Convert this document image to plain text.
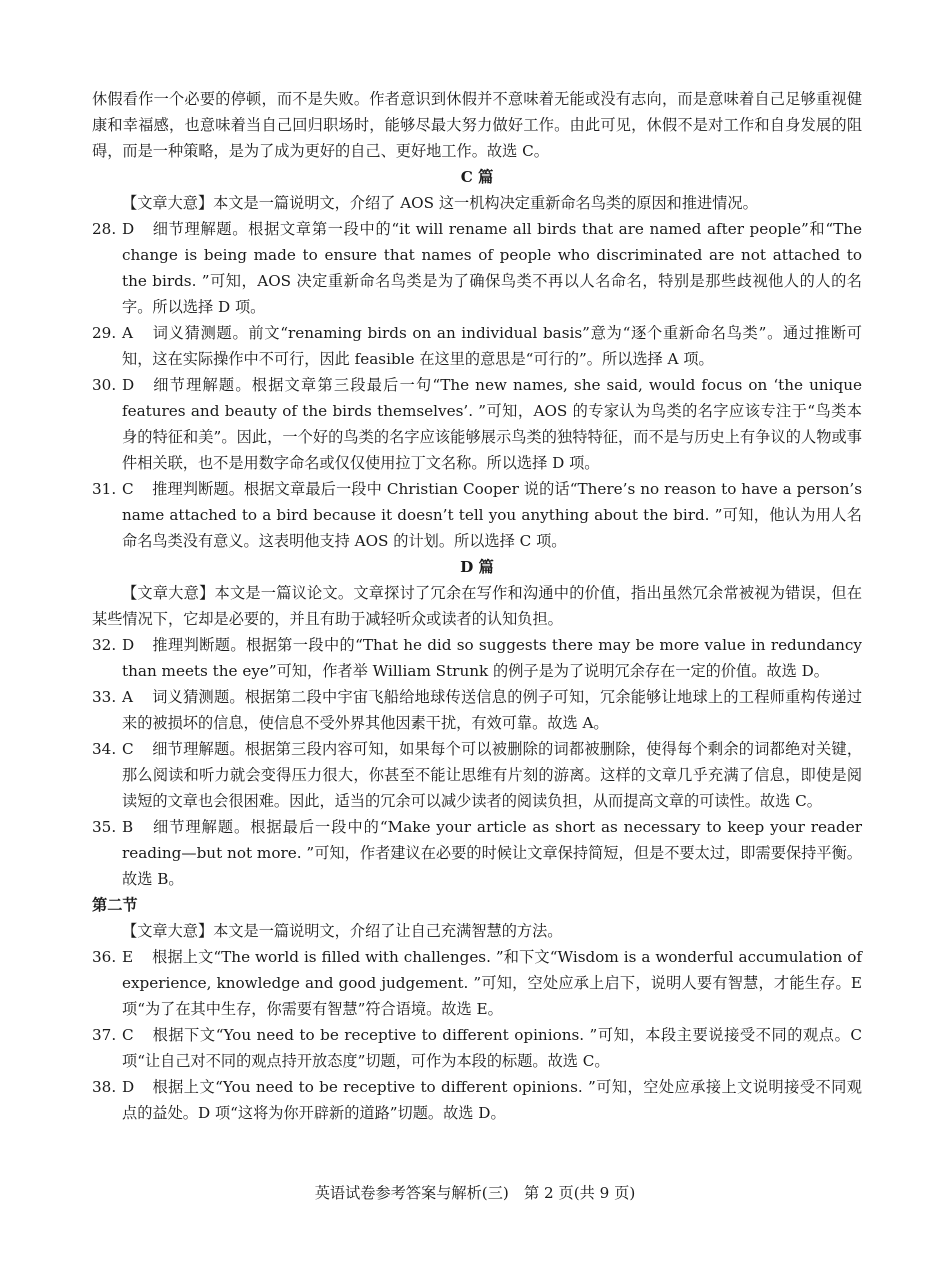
休假看作一个必要的停顿，而不是失败。作者意识到休假并不意味着无能或没有志向，而是意味着自己足够重视健康和幸福感，也意味着当自己回归职场时，能够尽最大努力做好工作。由此可见，休假不是对工作和自身发展的阻碍，而是一种策略，是为了成为更好的自己、更好地工作。故选 C。

C 篇

【文章大意】本文是一篇说明文，介绍了 AOS 这一机构决定重新命名鸟类的原因和推进情况。

28. D 细节理解题。根据文章第一段中的“it will rename all birds that are named after people”和“The change is being made to ensure that names of people who discriminated are not attached to the birds. ”可知，AOS 决定重新命名鸟类是为了确保鸟类不再以人名命名，特别是那些歧视他人的人的名字。所以选择 D 项。
29. A 词义猜测题。前文“renaming birds on an individual basis”意为“逐个重新命名鸟类”。通过推断可知，这在实际操作中不可行，因此 feasible 在这里的意思是“可行的”。所以选择 A 项。
30. D 细节理解题。根据文章第三段最后一句“The new names, she said, would focus on ‘the unique features and beauty of the birds themselves’. ”可知，AOS 的专家认为鸟类的名字应该专注于“鸟类本身的特征和美”。因此，一个好的鸟类的名字应该能够展示鸟类的独特特征，而不是与历史上有争议的人物或事件相关联，也不是用数字命名或仅仅使用拉丁文名称。所以选择 D 项。
31. C 推理判断题。根据文章最后一段中 Christian Cooper 说的话“There’s no reason to have a person’s name attached to a bird because it doesn’t tell you anything about the bird. ”可知，他认为用人名命名鸟类没有意义。这表明他支持 AOS 的计划。所以选择 C 项。

D 篇

【文章大意】本文是一篇议论文。文章探讨了冗余在写作和沟通中的价值，指出虽然冗余常被视为错误，但在某些情况下，它却是必要的，并且有助于减轻听众或读者的认知负担。

32. D 推理判断题。根据第一段中的“That he did so suggests there may be more value in redundancy than meets the eye”可知，作者举 William Strunk 的例子是为了说明冗余存在一定的价值。故选 D。
33. A 词义猜测题。根据第二段中宇宙飞船给地球传送信息的例子可知，冗余能够让地球上的工程师重构传递过来的被损坏的信息，使信息不受外界其他因素干扰，有效可靠。故选 A。
34. C 细节理解题。根据第三段内容可知，如果每个可以被删除的词都被删除，使得每个剩余的词都绝对关键，那么阅读和听力就会变得压力很大，你甚至不能让思维有片刻的游离。这样的文章几乎充满了信息，即使是阅读短的文章也会很困难。因此，适当的冗余可以减少读者的阅读负担，从而提高文章的可读性。故选 C。
35. B 细节理解题。根据最后一段中的“Make your article as short as necessary to keep your reader reading—but not more. ”可知，作者建议在必要的时候让文章保持简短，但是不要太过，即需要保持平衡。故选 B。

第二节

【文章大意】本文是一篇说明文，介绍了让自己充满智慧的方法。

36. E 根据上文“The world is filled with challenges. ”和下文“Wisdom is a wonderful accumulation of experience, knowledge and good judgement. ”可知，空处应承上启下，说明人要有智慧，才能生存。E 项“为了在其中生存，你需要有智慧”符合语境。故选 E。
37. C 根据下文“You need to be receptive to different opinions. ”可知，本段主要说接受不同的观点。C 项“让自己对不同的观点持开放态度”切题，可作为本段的标题。故选 C。
38. D 根据上文“You need to be receptive to different opinions. ”可知，空处应承接上文说明接受不同观点的益处。D 项“这将为你开辟新的道路”切题。故选 D。
英语试卷参考答案与解析(三)　第 2 页(共 9 页)
